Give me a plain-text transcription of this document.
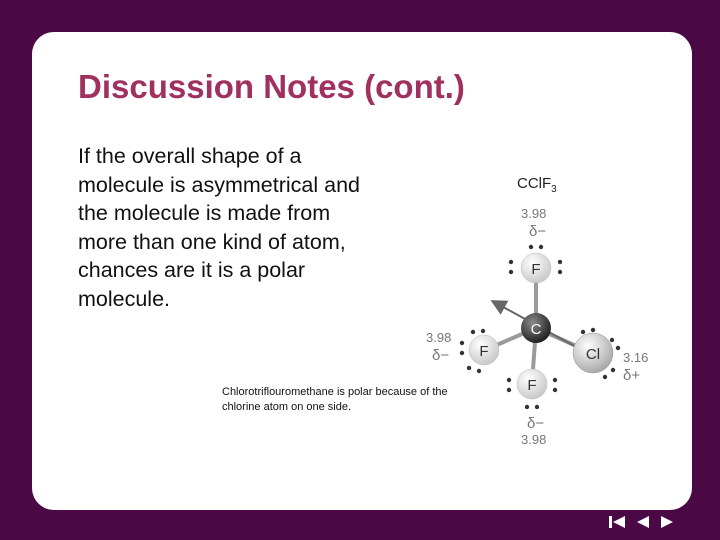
Discussion Notes (cont.)
If the overall shape of a molecule is asymmetrical and the molecule is made from more than one kind of atom, chances are it is a polar molecule.
Chlorotriflouromethane is polar because of the chlorine atom on one side.
CClF$_3$
3.98
δ−
3.98
δ−	3.16
δ+
δ−
3.98
F
F
F
Cl
C
